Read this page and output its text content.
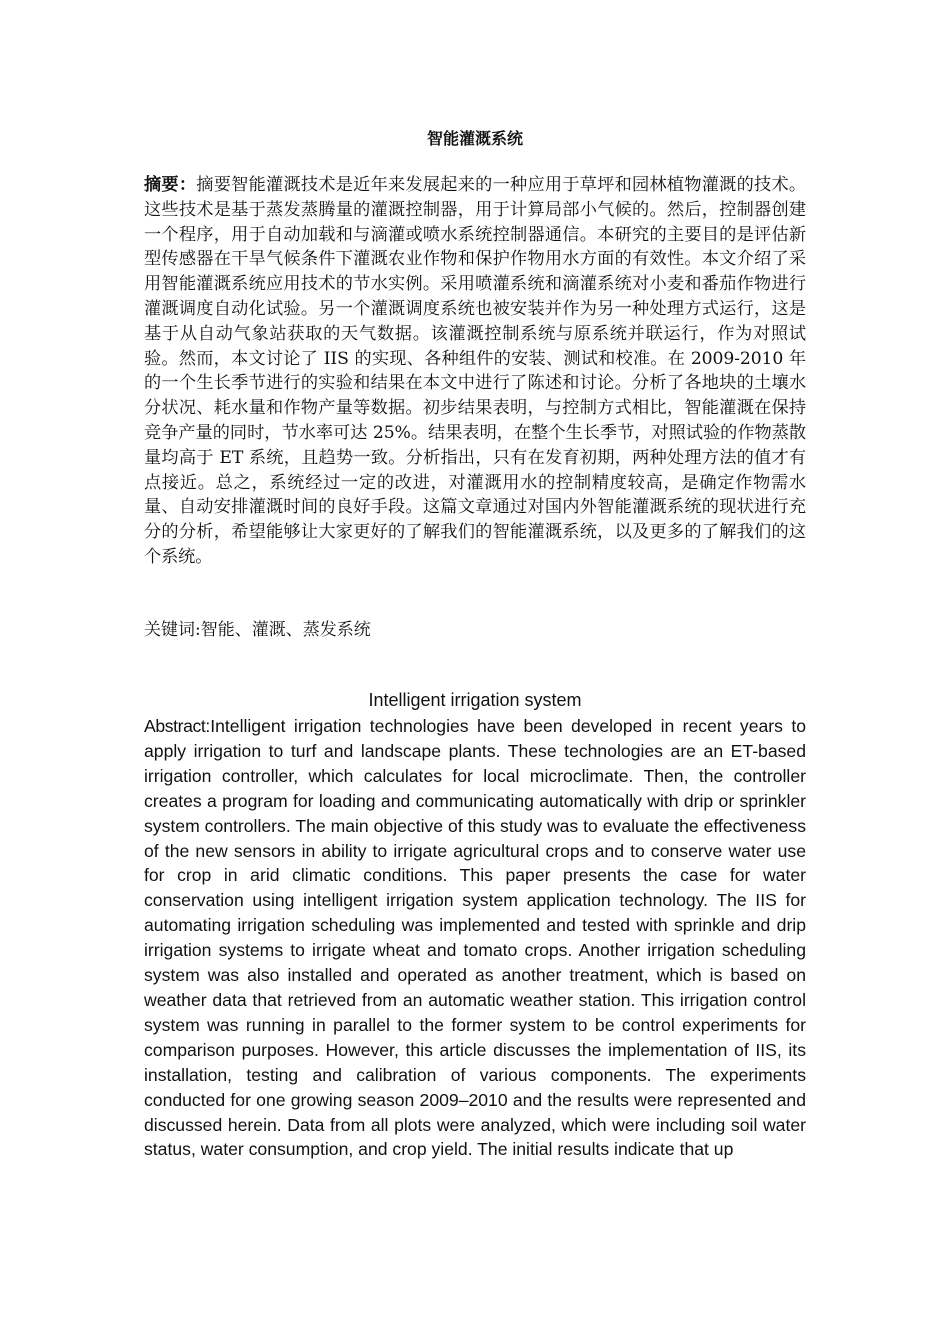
智能灌溉系统

摘要：摘要智能灌溉技术是近年来发展起来的一种应用于草坪和园林植物灌溉的技术。这些技术是基于蒸发蒸腾量的灌溉控制器，用于计算局部小气候的。然后，控制器创建一个程序，用于自动加载和与滴灌或喷水系统控制器通信。本研究的主要目的是评估新型传感器在干旱气候条件下灌溉农业作物和保护作物用水方面的有效性。本文介绍了采用智能灌溉系统应用技术的节水实例。采用喷灌系统和滴灌系统对小麦和番茄作物进行灌溉调度自动化试验。另一个灌溉调度系统也被安装并作为另一种处理方式运行，这是基于从自动气象站获取的天气数据。该灌溉控制系统与原系统并联运行，作为对照试验。然而，本文讨论了 IIS 的实现、各种组件的安装、测试和校准。在 2009-2010 年的一个生长季节进行的实验和结果在本文中进行了陈述和讨论。分析了各地块的土壤水分状况、耗水量和作物产量等数据。初步结果表明，与控制方式相比，智能灌溉在保持竞争产量的同时，节水率可达 25%。结果表明，在整个生长季节，对照试验的作物蒸散量均高于 ET 系统，且趋势一致。分析指出，只有在发育初期，两种处理方法的值才有点接近。总之，系统经过一定的改进，对灌溉用水的控制精度较高，是确定作物需水量、自动安排灌溉时间的良好手段。这篇文章通过对国内外智能灌溉系统的现状进行充分的分析，希望能够让大家更好的了解我们的智能灌溉系统，以及更多的了解我们的这个系统。

关键词:智能、灌溉、蒸发系统
Intelligent irrigation system

Abstract:Intelligent irrigation technologies have been developed in recent years to apply irrigation to turf and landscape plants. These technologies are an ET-based irrigation controller, which calculates for local microclimate. Then, the controller creates a program for loading and communicating automatically with drip or sprinkler system controllers. The main objective of this study was to evaluate the effectiveness of the new sensors in ability to irrigate agricultural crops and to conserve water use for crop in arid climatic conditions. This paper presents the case for water conservation using intelligent irrigation system application technology. The IIS for automating irrigation scheduling was implemented and tested with sprinkle and drip irrigation systems to irrigate wheat and tomato crops. Another irrigation scheduling system was also installed and operated as another treatment, which is based on weather data that retrieved from an automatic weather station. This irrigation control system was running in parallel to the former system to be control experiments for comparison purposes. However, this article discusses the implementation of IIS, its installation, testing and calibration of various components. The experiments conducted for one growing season 2009–2010 and the results were represented and discussed herein. Data from all plots were analyzed, which were including soil water status, water consumption, and crop yield. The initial results indicate that up
